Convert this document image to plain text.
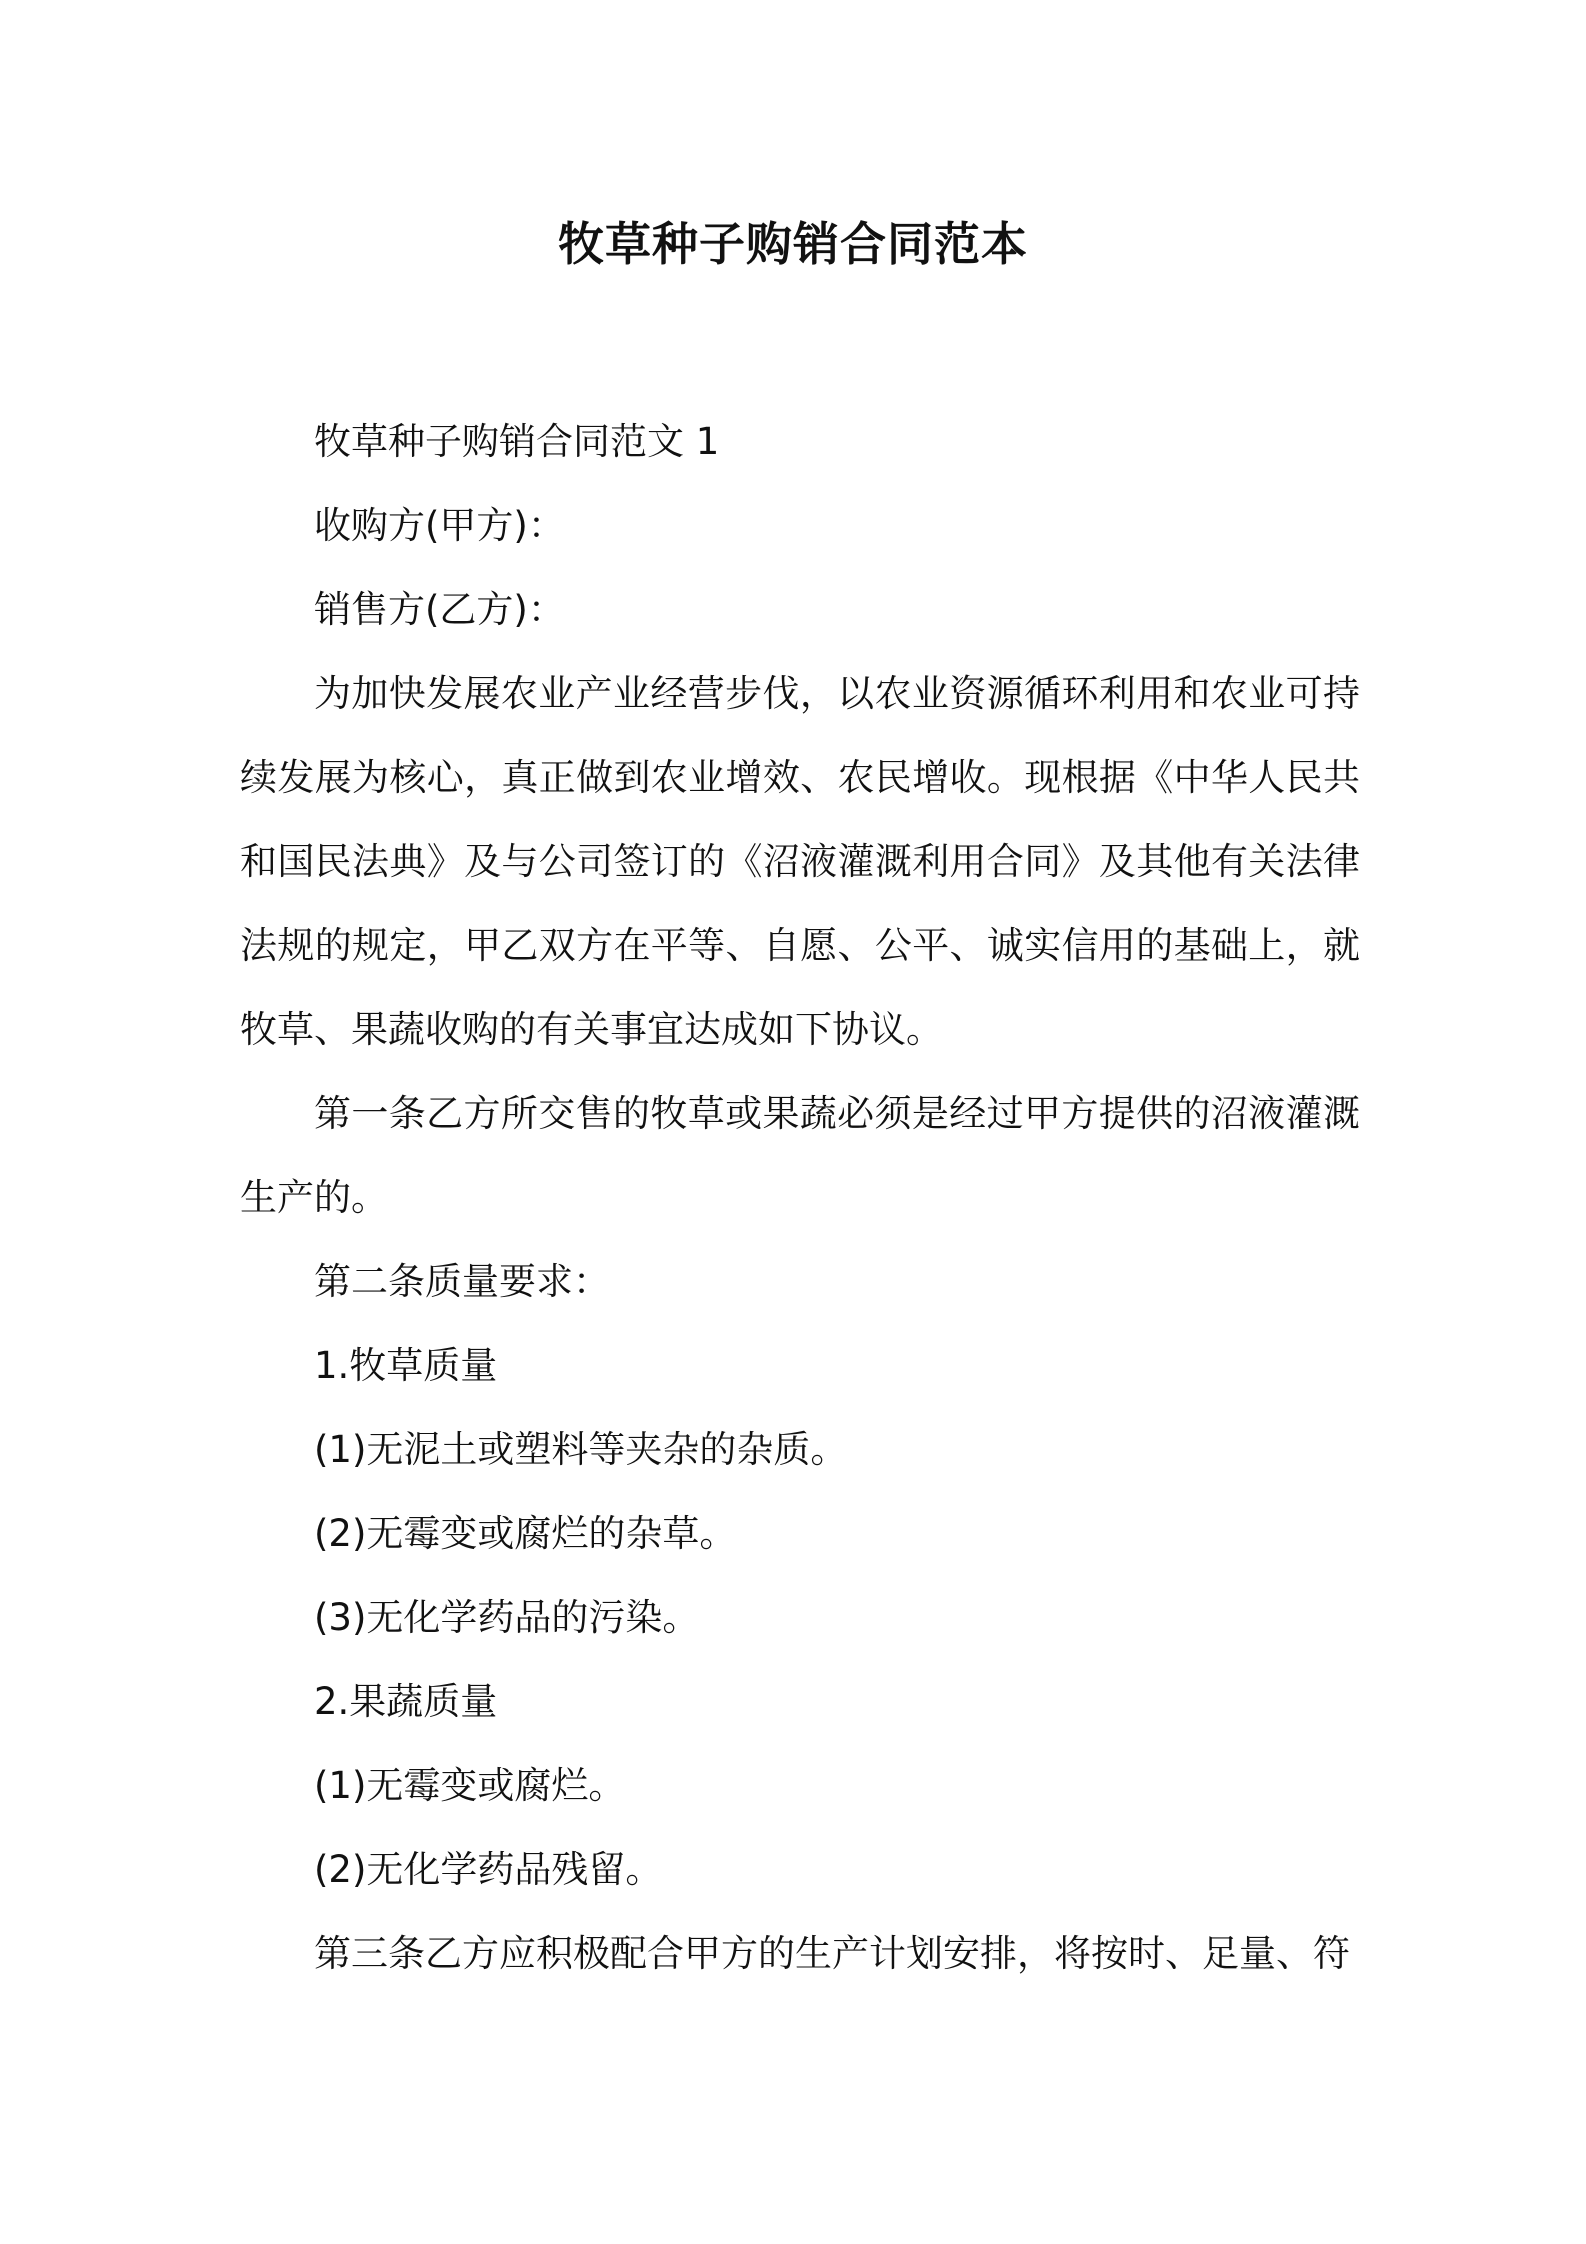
牧草种子购销合同范本

牧草种子购销合同范文 1

收购方(甲方)：

销售方(乙方)：

为加快发展农业产业经营步伐，以农业资源循环利用和农业可持续发展为核心，真正做到农业增效、农民增收。现根据《中华人民共和国民法典》及与公司签订的《沼液灌溉利用合同》及其他有关法律法规的规定，甲乙双方在平等、自愿、公平、诚实信用的基础上，就牧草、果蔬收购的有关事宜达成如下协议。

第一条乙方所交售的牧草或果蔬必须是经过甲方提供的沼液灌溉生产的。

第二条质量要求：

1.牧草质量

(1)无泥土或塑料等夹杂的杂质。

(2)无霉变或腐烂的杂草。

(3)无化学药品的污染。

2.果蔬质量

(1)无霉变或腐烂。

(2)无化学药品残留。

第三条乙方应积极配合甲方的生产计划安排，将按时、足量、符
